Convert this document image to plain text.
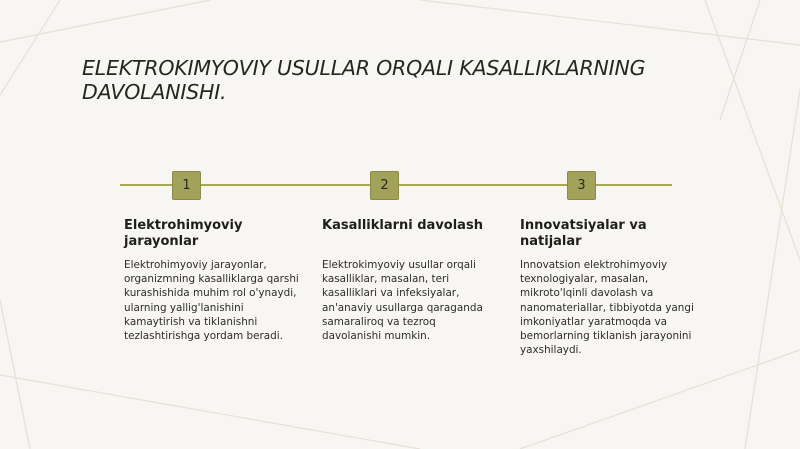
ELEKTROKIMYOVIY USULLAR ORQALI KASALLIKLARNING DAVOLANISHI.
1	2	3

Elektrohimyoviy jarayonlar

Elektrohimyoviy jarayonlar, organizmning kasalliklarga qarshi kurashishida muhim rol o'ynaydi, ularning yallig'lanishini kamaytirish va tiklanishni tezlashtirishga yordam beradi.

Kasalliklarni davolash

Elektrokimyoviy usullar orqali kasalliklar, masalan, teri kasalliklari va infeksiyalar, an'anaviy usullarga qaraganda samaraliroq va tezroq davolanishi mumkin.

Innovatsiyalar va natijalar

Innovatsion elektrohimyoviy texnologiyalar, masalan, mikroto'lqinli davolash va nanomateriallar, tibbiyotda yangi imkoniyatlar yaratmoqda va bemorlarning tiklanish jarayonini yaxshilaydi.
